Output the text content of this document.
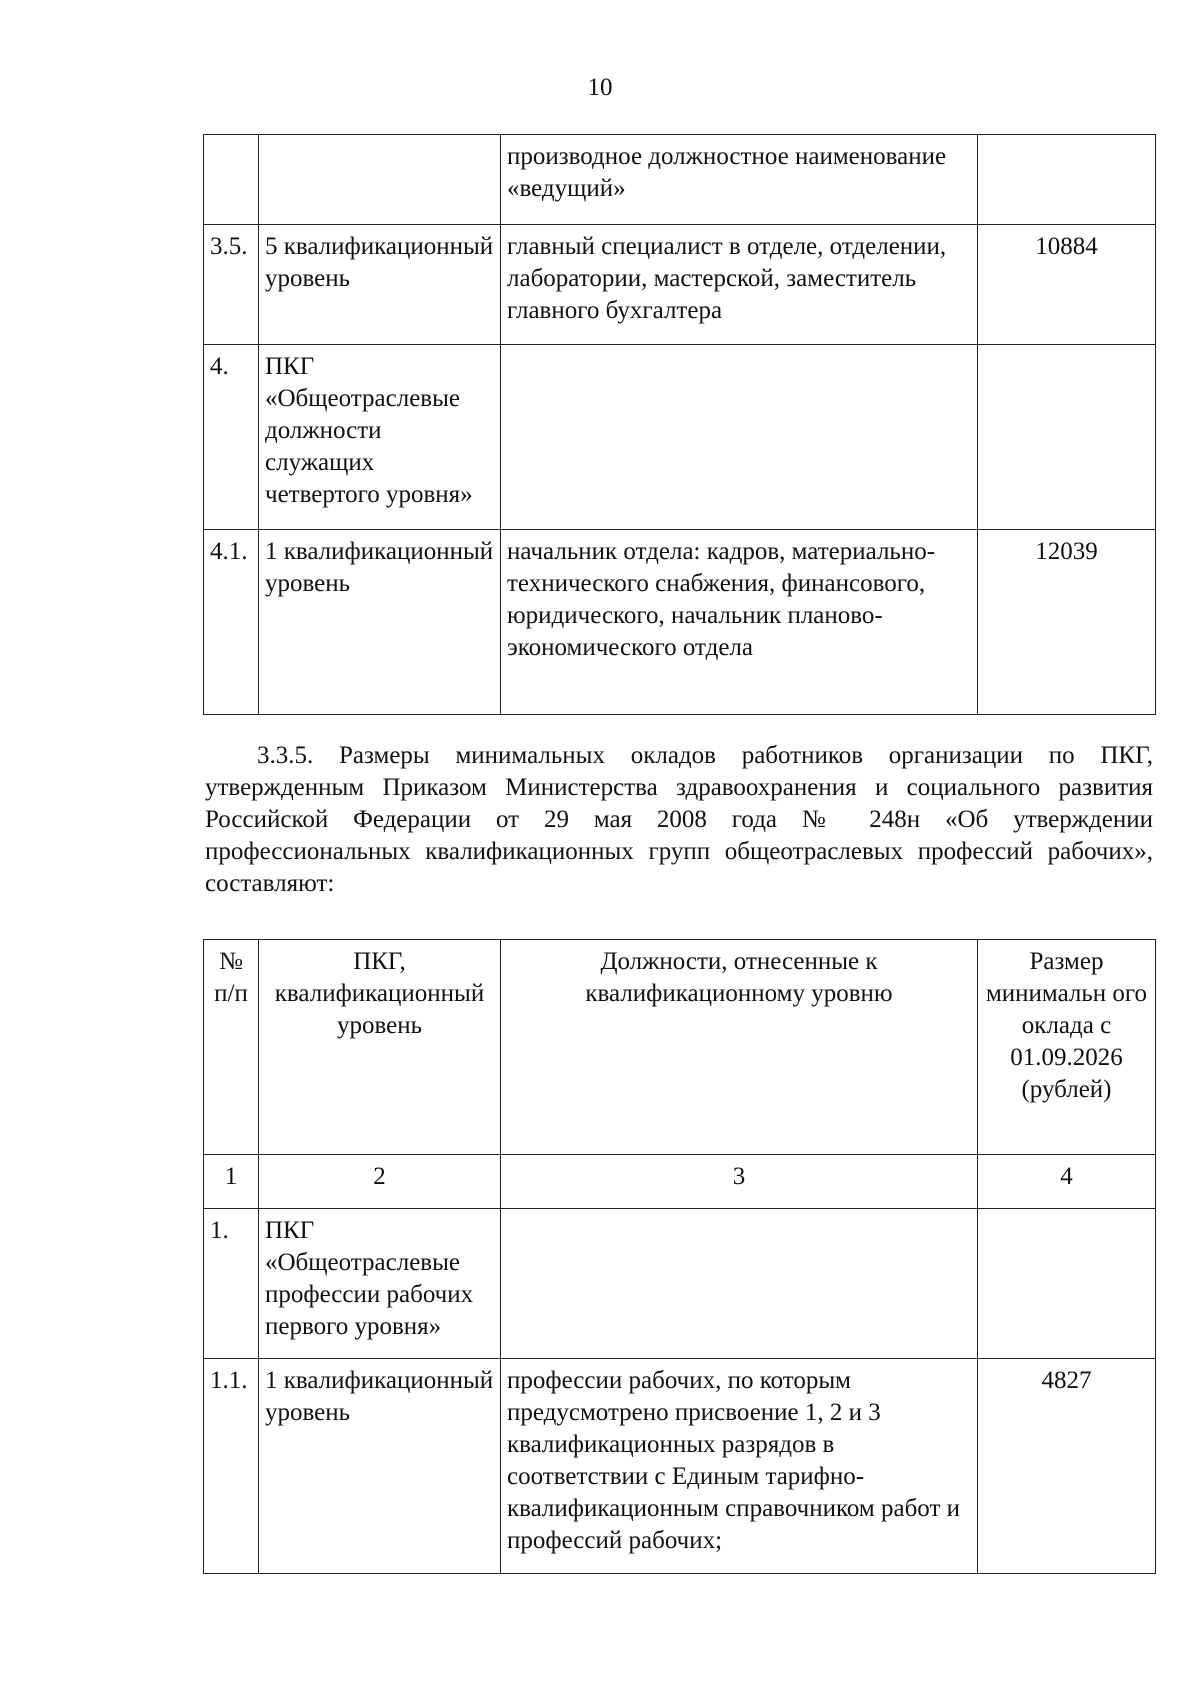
10
		производное должностное наименование «ведущий»	
3.5.	5 квалификационный уровень	главный специалист в отделе, отделении, лаборатории, мастерской, заместитель главного бухгалтера	10884
4.	ПКГ «Общеотраслевые должности служащих четвертого уровня»		
4.1.	1 квалификационный уровень	начальник отдела: кадров, материально-технического снабжения, финансового, юридического, начальник планово-экономического отдела	12039
3.3.5. Размеры минимальных окладов работников организации по ПКГ, утвержденным Приказом Министерства здравоохранения и социального развития Российской Федерации от 29 мая 2008 года № 248н «Об утверждении профессиональных квалификационных групп общеотраслевых профессий рабочих», составляют:
№ п/п	ПКГ, квалификационный уровень	Должности, отнесенные к квалификационному уровню	Размер минимальн ого оклада с 01.09.2026 (рублей)
1	2	3	4
1.	ПКГ «Общеотраслевые профессии рабочих первого уровня»		
1.1.	1 квалификационный уровень	профессии рабочих, по которым предусмотрено присвоение 1, 2 и 3 квалификационных разрядов в соответствии с Единым тарифно-квалификационным справочником работ и профессий рабочих;	4827
